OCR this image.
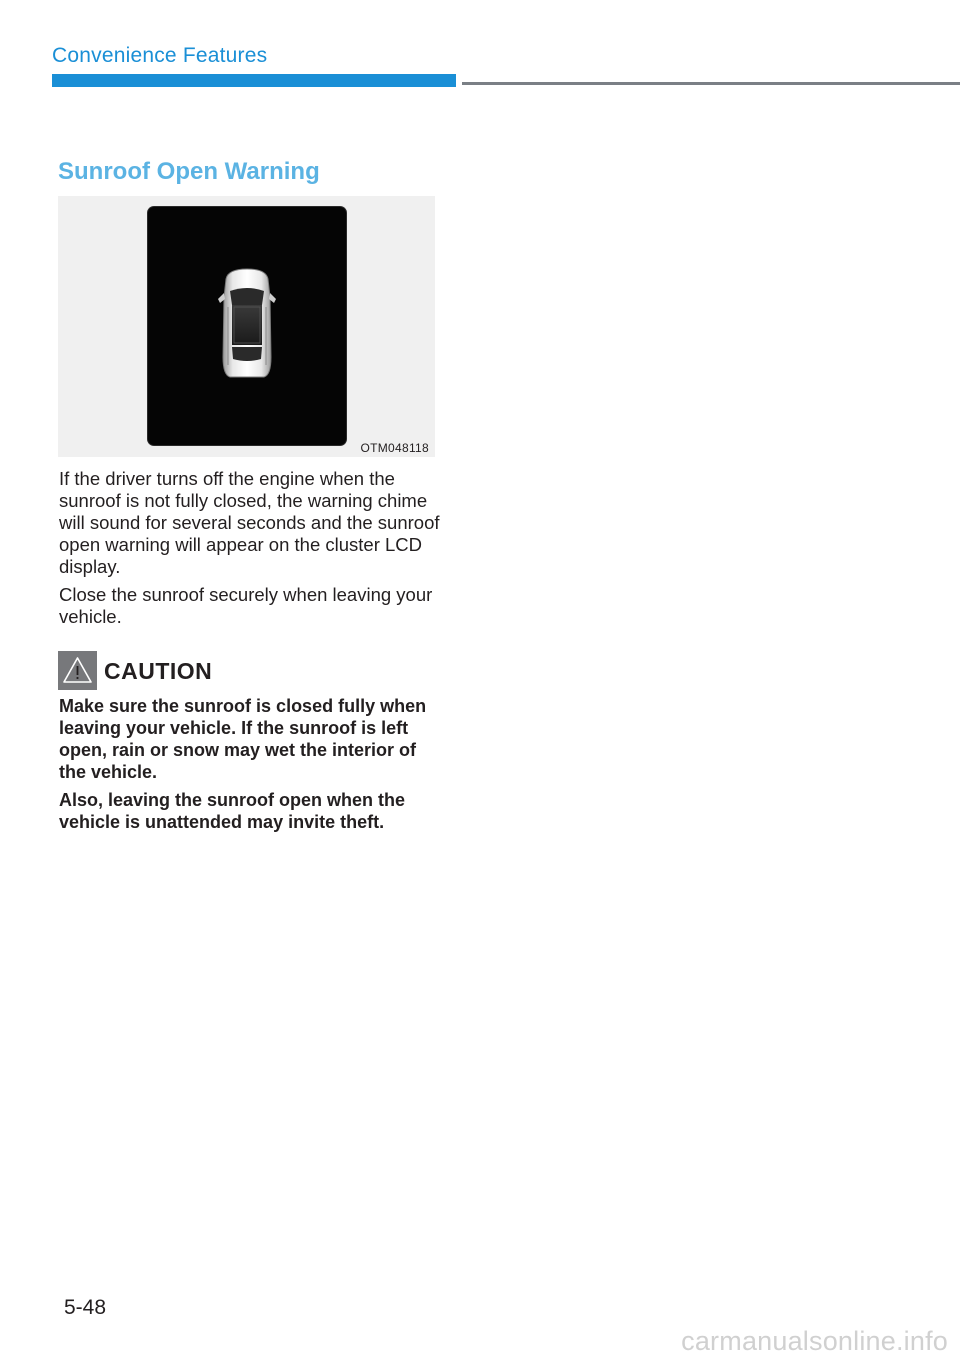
Convenience Features
Sunroof Open Warning
OTM048118

If the driver turns off the engine when the sunroof is not fully closed, the warning chime will sound for several seconds and the sunroof open warning will appear on the cluster LCD display.

Close the sunroof securely when leaving your vehicle.

CAUTION

Make sure the sunroof is closed fully when leaving your vehicle. If the sunroof is left open, rain or snow may wet the interior of the vehicle.

Also, leaving the sunroof open when the vehicle is unattended may invite theft.

5-48
carmanualsonline.info
